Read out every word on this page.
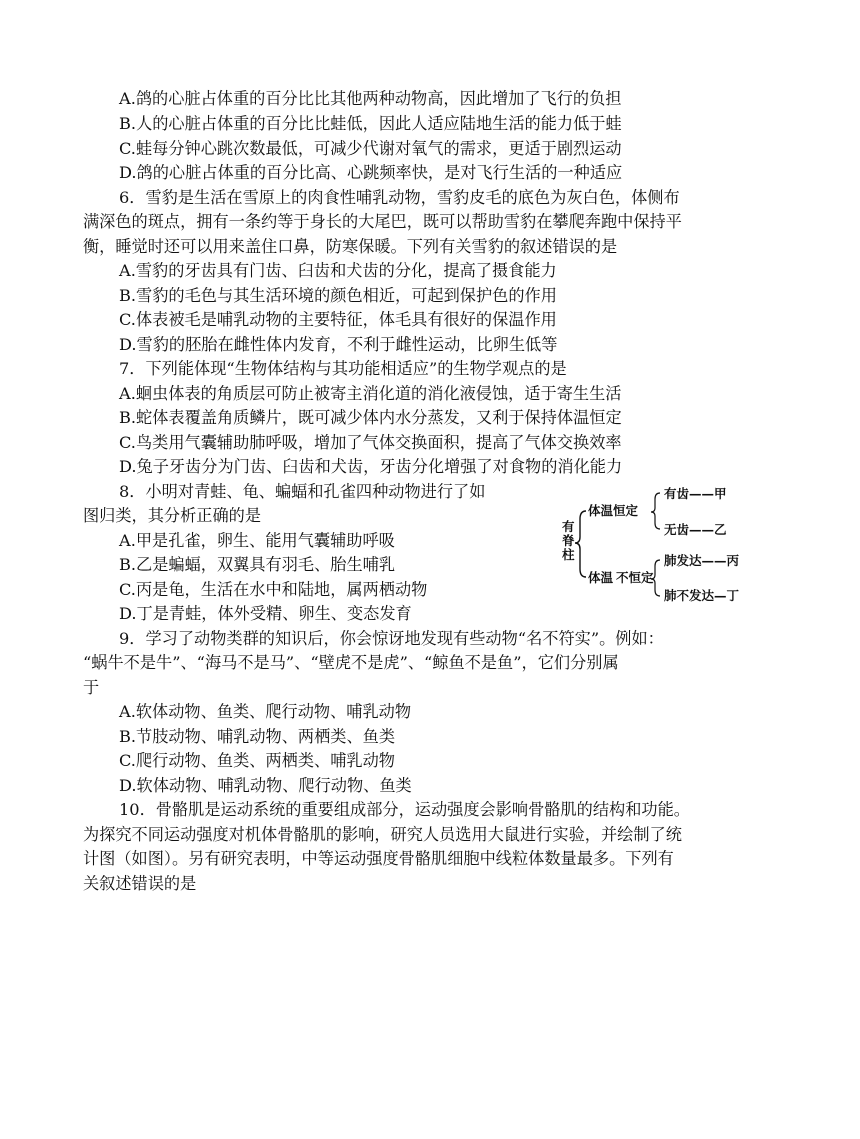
A.鸽的心脏占体重的百分比比其他两种动物高，因此增加了飞行的负担
B.人的心脏占体重的百分比比蛙低，因此人适应陆地生活的能力低于蛙
C.蛙每分钟心跳次数最低，可减少代谢对氧气的需求，更适于剧烈运动
D.鸽的心脏占体重的百分比高、心跳频率快，是对飞行生活的一种适应
6．雪豹是生活在雪原上的肉食性哺乳动物，雪豹皮毛的底色为灰白色，体侧布
满深色的斑点，拥有一条约等于身长的大尾巴，既可以帮助雪豹在攀爬奔跑中保持平
衡，睡觉时还可以用来盖住口鼻，防寒保暖。下列有关雪豹的叙述错误的是
A.雪豹的牙齿具有门齿、臼齿和犬齿的分化，提高了摄食能力
B.雪豹的毛色与其生活环境的颜色相近，可起到保护色的作用
C.体表被毛是哺乳动物的主要特征，体毛具有很好的保温作用
D.雪豹的胚胎在雌性体内发育，不利于雌性运动，比卵生低等
7．下列能体现“生物体结构与其功能相适应”的生物学观点的是
A.蛔虫体表的角质层可防止被寄主消化道的消化液侵蚀，适于寄生生活
B.蛇体表覆盖角质鳞片，既可减少体内水分蒸发，又利于保持体温恒定
C.鸟类用气囊辅助肺呼吸，增加了气体交换面积，提高了气体交换效率
D.兔子牙齿分为门齿、臼齿和犬齿，牙齿分化增强了对食物的消化能力
8．小明对青蛙、龟、蝙蝠和孔雀四种动物进行了如
图归类，其分析正确的是
A.甲是孔雀，卵生、能用气囊辅助呼吸
B.乙是蝙蝠，双翼具有羽毛、胎生哺乳
C.丙是龟，生活在水中和陆地，属两栖动物
D.丁是青蛙，体外受精、卵生、变态发育
有
脊
柱
体温恒定
体温 不恒定
有齿——甲
无齿——乙
肺发达——丙
肺不发达—丁
9．学习了动物类群的知识后，你会惊讶地发现有些动物“名不符实”。例如：
“蜗牛不是牛”、“海马不是马”、“壁虎不是虎”、“鲸鱼不是鱼”，它们分别属
于
A.软体动物、鱼类、爬行动物、哺乳动物
B.节肢动物、哺乳动物、两栖类、鱼类
C.爬行动物、鱼类、两栖类、哺乳动物
D.软体动物、哺乳动物、爬行动物、鱼类
10．骨骼肌是运动系统的重要组成部分，运动强度会影响骨骼肌的结构和功能。
为探究不同运动强度对机体骨骼肌的影响，研究人员选用大鼠进行实验，并绘制了统
计图（如图）。另有研究表明，中等运动强度骨骼肌细胞中线粒体数量最多。下列有
关叙述错误的是
